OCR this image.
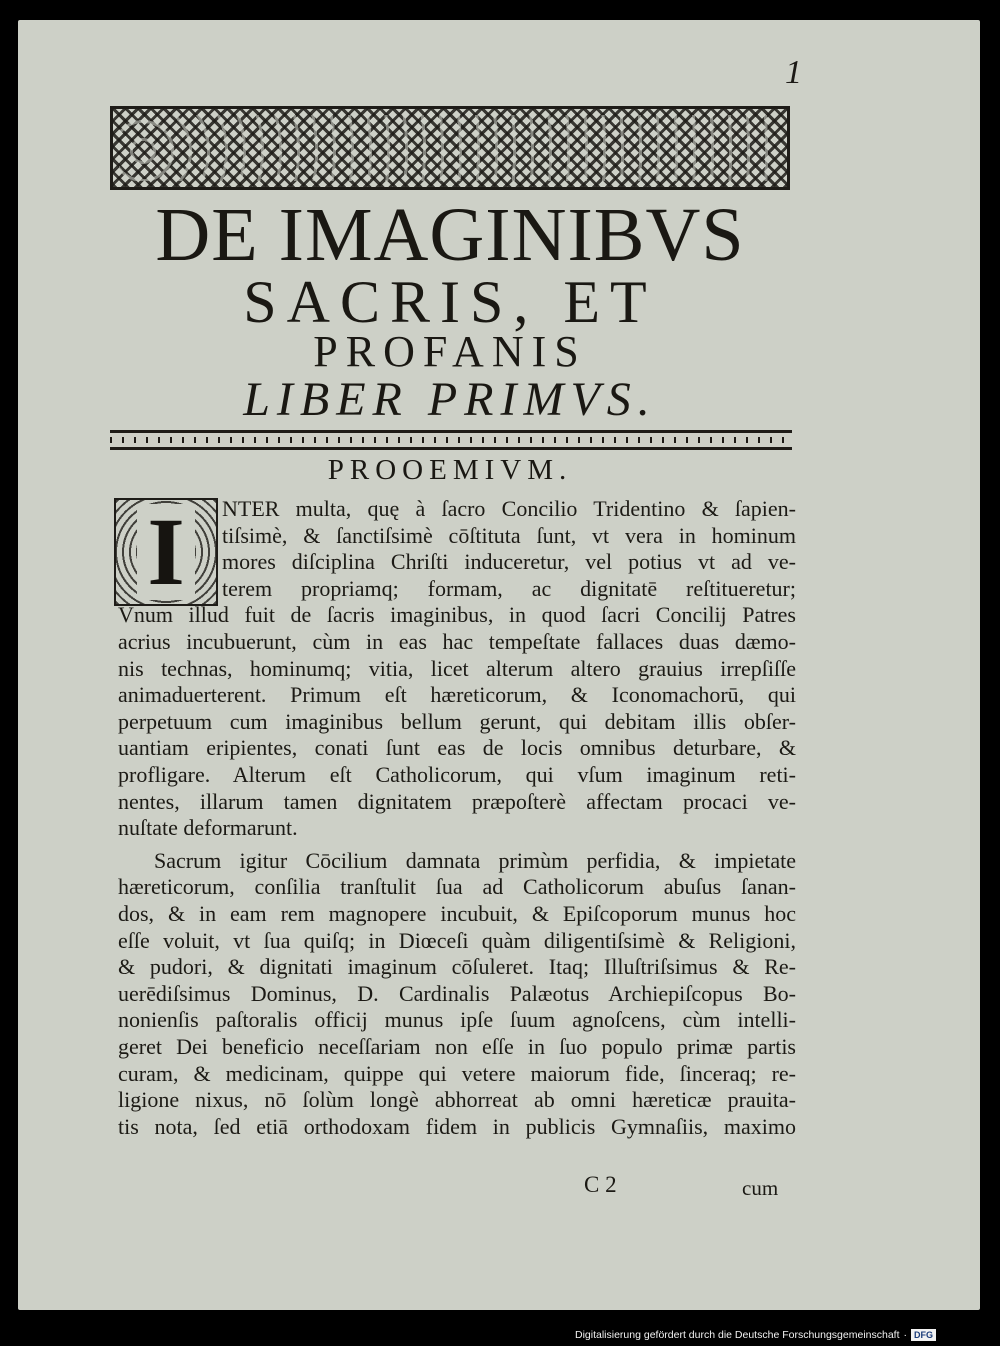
1
DE IMAGINIBVS
SACRIS, ET
PROFANIS
LIBER PRIMVS.
PROOEMIVM.
I	NTER multa, quę à ſacro Concilio Tridentino & ſapien-
tiſsimè, & ſanctiſsimè cōſtituta ſunt, vt vera in hominum
mores diſciplina Chriſti induceretur, vel potius vt ad ve-
terem propriamq; formam, ac dignitatē reſtitueretur;
Vnum illud fuit de ſacris imaginibus, in quod ſacri Concilij Patres
acrius incubuerunt, cùm in eas hac tempeſtate fallaces duas dæmo-
nis technas, hominumq; vitia, licet alterum altero grauius irrepſiſſe
animaduerterent. Primum eſt hæreticorum, & Iconomachorū, qui
perpetuum cum imaginibus bellum gerunt, qui debitam illis obſer-
uantiam eripientes, conati ſunt eas de locis omnibus deturbare, &
profligare. Alterum eſt Catholicorum, qui vſum imaginum reti-
nentes, illarum tamen dignitatem præpoſterè affectam procaci ve-
nuſtate deformarunt.
Sacrum igitur Cōcilium damnata primùm perfidia, & impietate
hæreticorum, conſilia tranſtulit ſua ad Catholicorum abuſus ſanan-
dos, & in eam rem magnopere incubuit, & Epiſcoporum munus hoc
eſſe voluit, vt ſua quiſq; in Diœceſi quàm diligentiſsimè & Religioni,
& pudori, & dignitati imaginum cōſuleret. Itaq; Illuſtriſsimus & Re-
uerēdiſsimus Dominus, D. Cardinalis Palæotus Archiepiſcopus Bo-
nonienſis paſtoralis officij munus ipſe ſuum agnoſcens, cùm intelli-
geret Dei beneficio neceſſariam non eſſe in ſuo populo primæ partis
curam, & medicinam, quippe qui vetere maiorum fide, ſinceraq; re-
ligione nixus, nō ſolùm longè abhorreat ab omni hæreticæ prauita-
tis nota, ſed etiā orthodoxam fidem in publicis Gymnaſiis, maximo
C 2	cum
Digitalisierung gefördert durch die Deutsche Forschungsgemeinschaft · DFG
